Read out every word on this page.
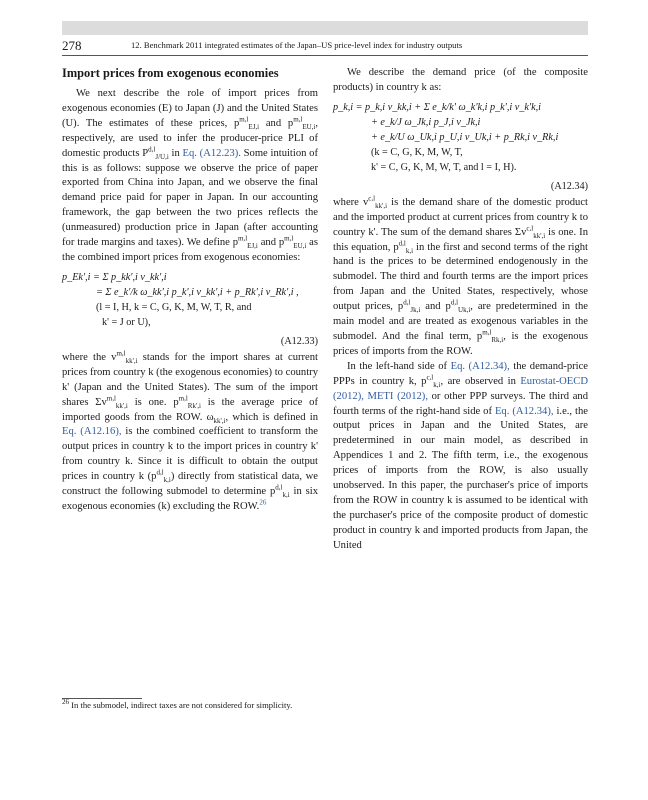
278	12. Benchmark 2011 integrated estimates of the Japan–US price-level index for industry outputs
Import prices from exogenous economies

We next describe the role of import prices from exogenous economies (E) to Japan (J) and the United States (U). The estimates of these prices, $p^{m,l}_{EJ,i}$ and $p^{m,l}_{EU,i}$, respectively, are used to infer the producer-price PLI of domestic products P$^{d,l}_{J/U,i}$ in Eq. (A12.23). Some intuition of this is as follows: suppose we observe the price of paper exported from China into Japan, and we observe the final demand price paid for paper in Japan. In our accounting framework, the gap between the two prices reflects the (unmeasured) production price in Japan (after accounting for trade margins and taxes). We define $p^{m,l}_{EJ,i}$ and $p^{m,l}_{EU,i}$ as the combined import prices from exogenous economies:

p_Ek',i = Σ p_kk',i v_kk',i
= Σ e_k'/k ω_kk',i p_k',i v_kk',i + p_Rk',i v_Rk',i ,
(l = I, H, k = C, G, K, M, W, T, R, and
k' = J or U),
(A12.33)

where the $v^{m,l}_{kk',i}$ stands for the import shares at current prices from country k (the exogenous economies) to country k' (Japan and the United States). The sum of the import shares Σv$^{m,l}_{kk',i}$ is one. $p^{m,l}_{Rk',i}$ is the average price of imported goods from the ROW. $\omega_{kk',i}$, which is defined in Eq. (A12.16), is the combined coefficient to transform the output prices in country k to the import prices in country k' from country k. Since it is difficult to obtain the output prices in country k $(p^{d,l}_{k,i})$ directly from statistical data, we construct the following submodel to determine $p^{d,l}_{k,i}$ in six exogenous economies (k) excluding the ROW.$^{26}$

We describe the demand price (of the composite products) in country k as:

p_k,i = p_k,i v_kk,i + Σ e_k/k' ω_k'k,i p_k',i v_k'k,i
+ e_k/J ω_Jk,i p_J,i v_Jk,i
+ e_k/U ω_Uk,i p_U,i v_Uk,i + p_Rk,i v_Rk,i
(k = C, G, K, M, W, T,
k' = C, G, K, M, W, T, and l = I, H).
(A12.34)

where $v^{c,l}_{kk',i}$ is the demand share of the domestic product and the imported product at current prices from country k to country k'. The sum of the demand shares Σv$^{c,l}_{kk',i}$ is one. In this equation, $p^{d,l}_{k,i}$ in the first and second terms of the right hand is the prices to be determined endogenously in the submodel. The third and fourth terms are the import prices from Japan and the United States, respectively, whose output prices, $p^{d,l}_{Jk,i}$ and $p^{d,l}_{Uk,i}$, are predetermined in the main model and are treated as exogenous variables in the submodel. And the final term, $p^{m,l}_{Rk,i}$, is the exogenous prices of imports from the ROW.

In the left-hand side of Eq. (A12.34), the demand-price PPPs in country k, $p^{c,l}_{k,i}$, are observed in Eurostat-OECD (2012), METI (2012), or other PPP surveys. The third and fourth terms of the right-hand side of Eq. (A12.34), i.e., the output prices in Japan and the United States, are predetermined in our main model, as described in Appendices 1 and 2. The fifth term, i.e., the exogenous prices of imports from the ROW, is also usually unobserved. In this paper, the purchaser's price of imports from the ROW in country k is assumed to be identical with the purchaser's price of the composite product of domestic product in country k and imported products from Japan, the United

$^{26}$ In the submodel, indirect taxes are not considered for simplicity.
